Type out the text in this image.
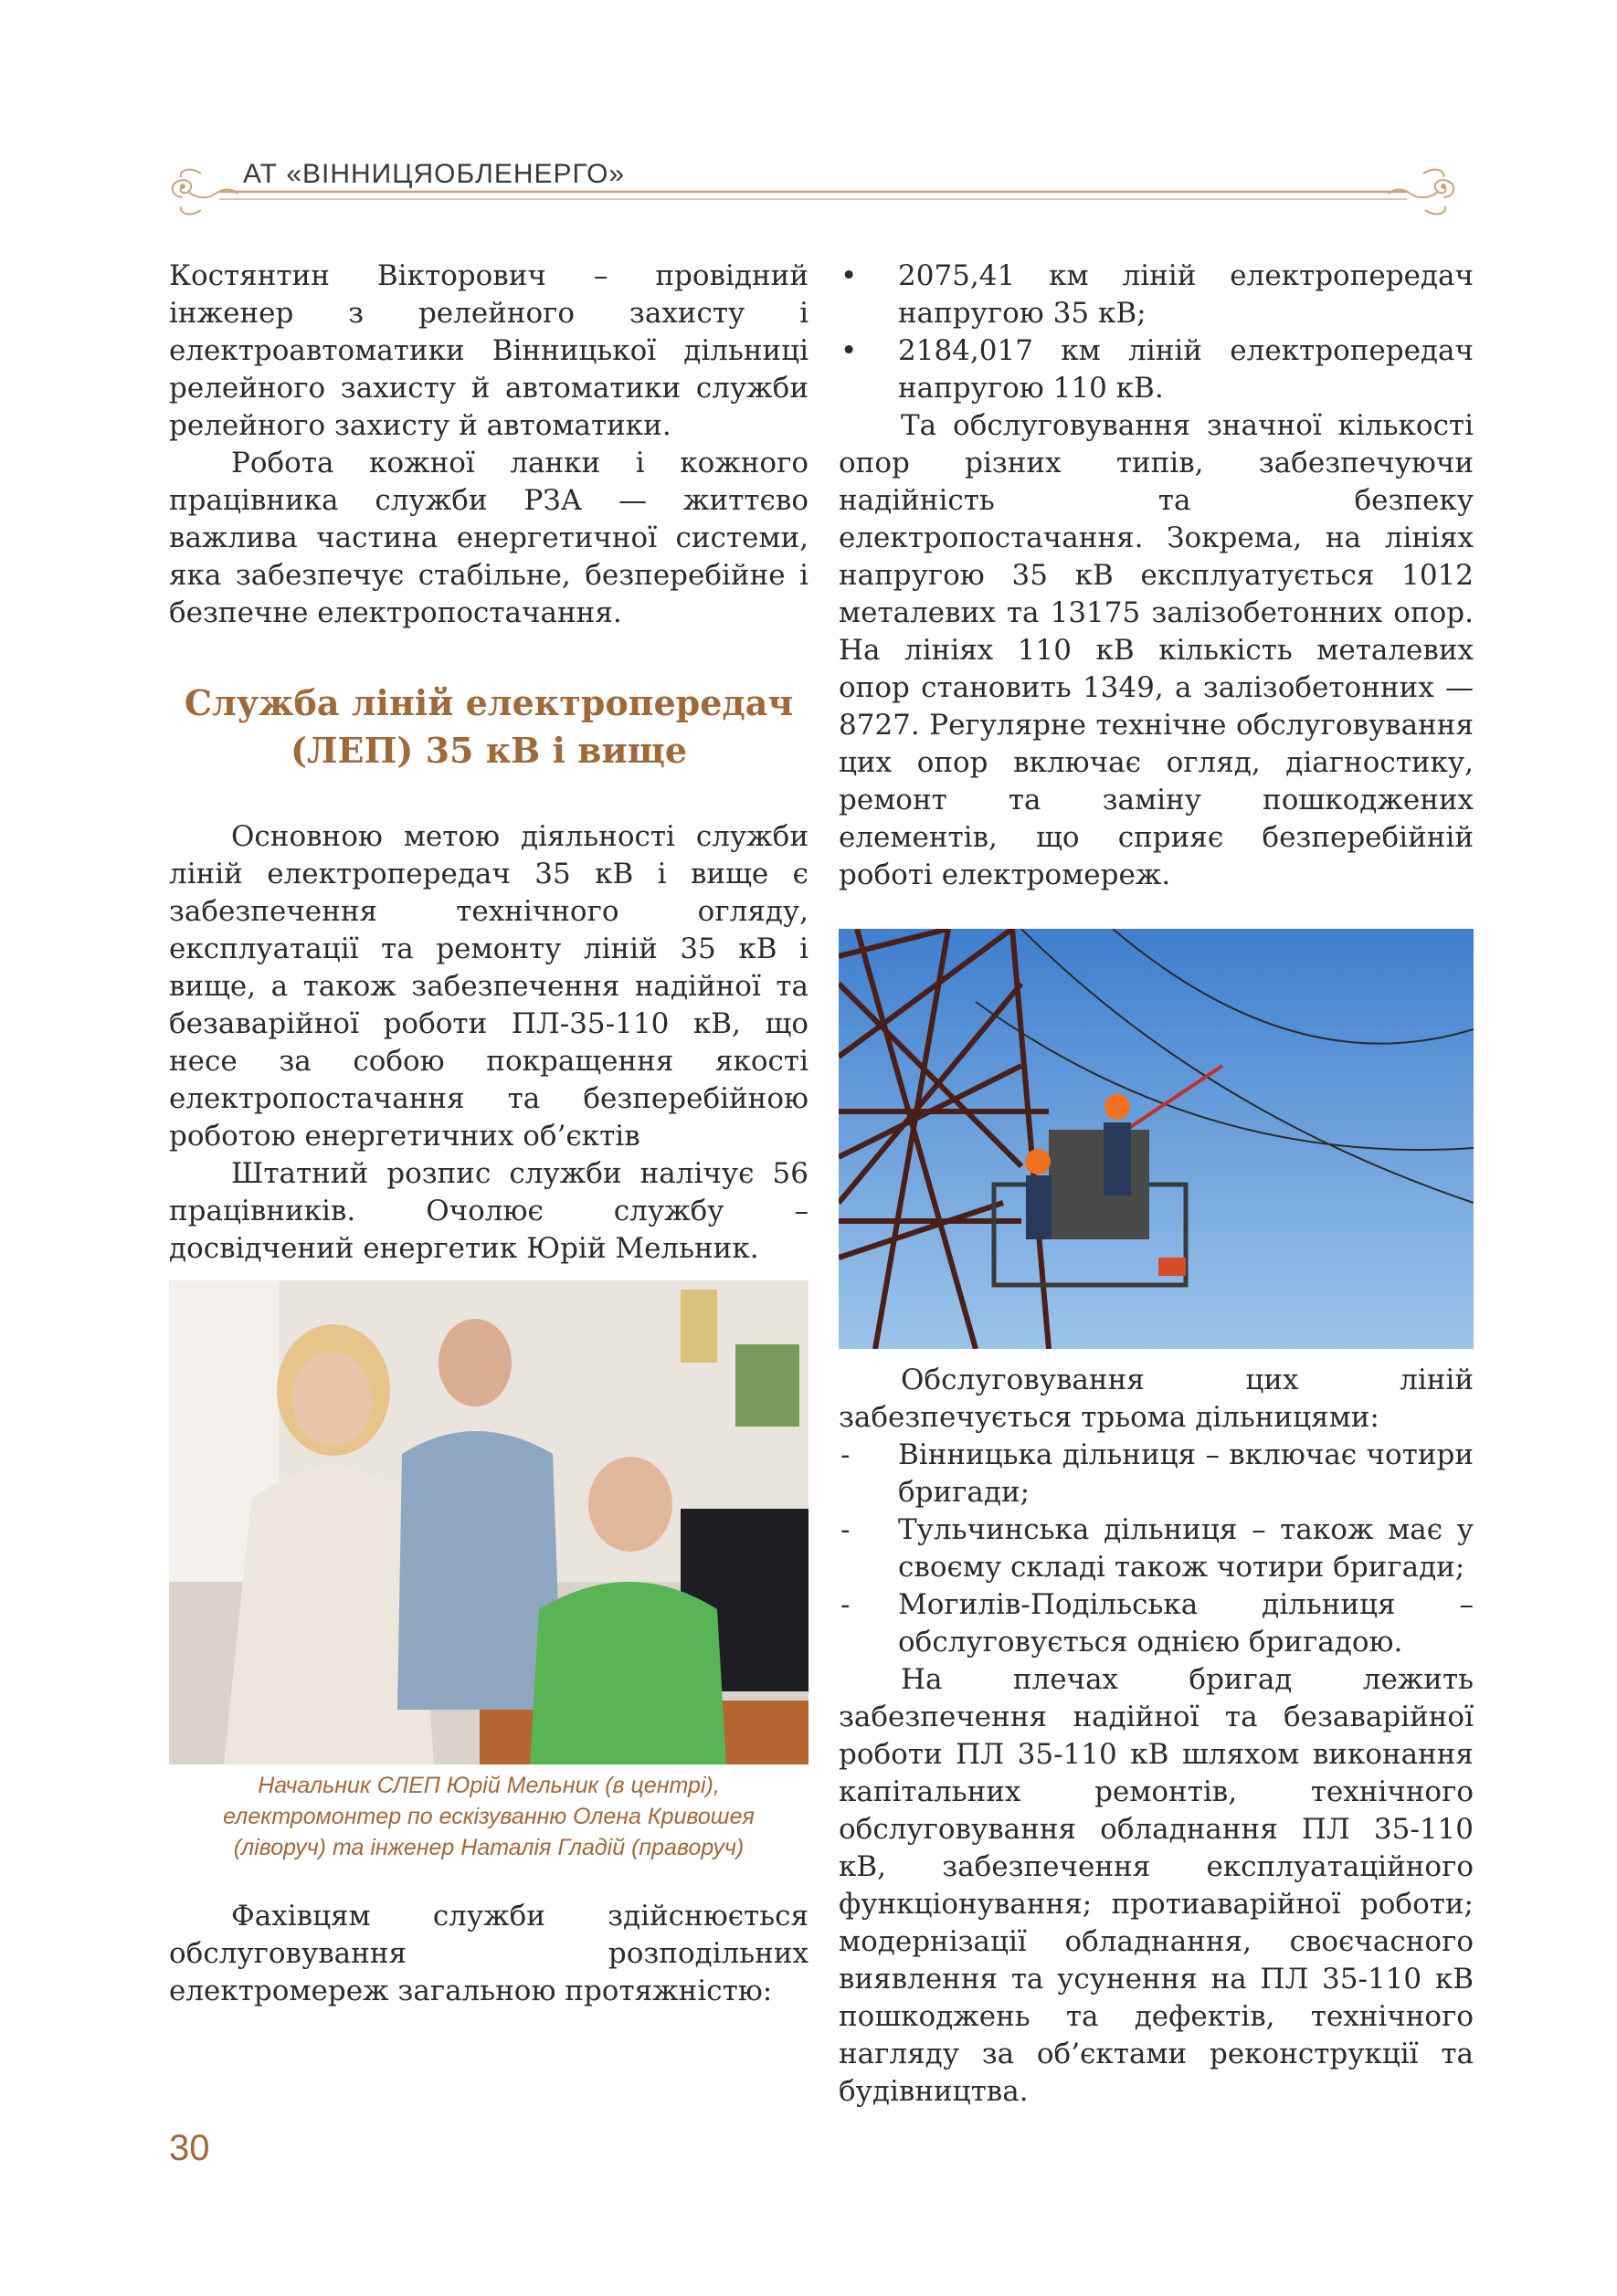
АТ «ВІННИЦЯОБЛЕНЕРГО»

Костянтин Вікторович – провідний інженер з релейного захисту і електроавтоматики Вінницької дільниці релейного захисту й автоматики служби релейного захисту й автоматики.

Робота кожної ланки і кожного працівника служби РЗА — життєво важлива частина енергетичної системи, яка забезпечує стабільне, безперебійне і безпечне електропостачання.

Служба ліній електропередач
(ЛЕП) 35 кВ і вище

Основною метою діяльності служби ліній електропередач 35 кВ і вище є забезпечення технічного огляду, експлуатації та ремонту ліній 35 кВ і вище, а також забезпечення надійної та безаварійної роботи ПЛ-35-110 кВ, що несе за собою покращення якості електропостачання та безперебійною роботою енергетичних об’єктів

Штатний розпис служби налічує 56 працівників. Очолює службу – досвідчений енергетик Юрій Мельник.

Начальник СЛЕП Юрій Мельник (в центрі),
електромонтер по ескізуванню Олена Кривошея
(ліворуч) та інженер Наталія Гладій (праворуч)

Фахівцям служби здійснюється обслуговування розподільних електромереж загальною протяжністю:

•	2075,41 км ліній електропередач напругою 35 кВ;
•	2184,017 км ліній електропередач напругою 110 кВ.

Та обслуговування значної кількості опор різних типів, забезпечуючи надійність та безпеку електропостачання. Зокрема, на лініях напругою 35 кВ експлуатується 1012 металевих та 13175 залізобетонних опор. На лініях 110 кВ кількість металевих опор становить 1349, а залізобетонних — 8727. Регулярне технічне обслуговування цих опор включає огляд, діагностику, ремонт та заміну пошкоджених елементів, що сприяє безперебійній роботі електромереж.

Обслуговування цих ліній забезпечується трьома дільницями:

-	Вінницька дільниця – включає чотири бригади;
-	Тульчинська дільниця – також має у своєму складі також чотири бригади;
-	Могилів-Подільська дільниця – обслуговується однією бригадою.

На плечах бригад лежить забезпечення надійної та безаварійної роботи ПЛ 35-110 кВ шляхом виконання капітальних ремонтів, технічного обслуговування обладнання ПЛ 35-110 кВ, забезпечення експлуатаційного функціонування; протиаварійної роботи; модернізації обладнання, своєчасного виявлення та усунення на ПЛ 35-110 кВ пошкоджень та дефектів, технічного нагляду за об’єктами реконструкції та будівництва.

30
